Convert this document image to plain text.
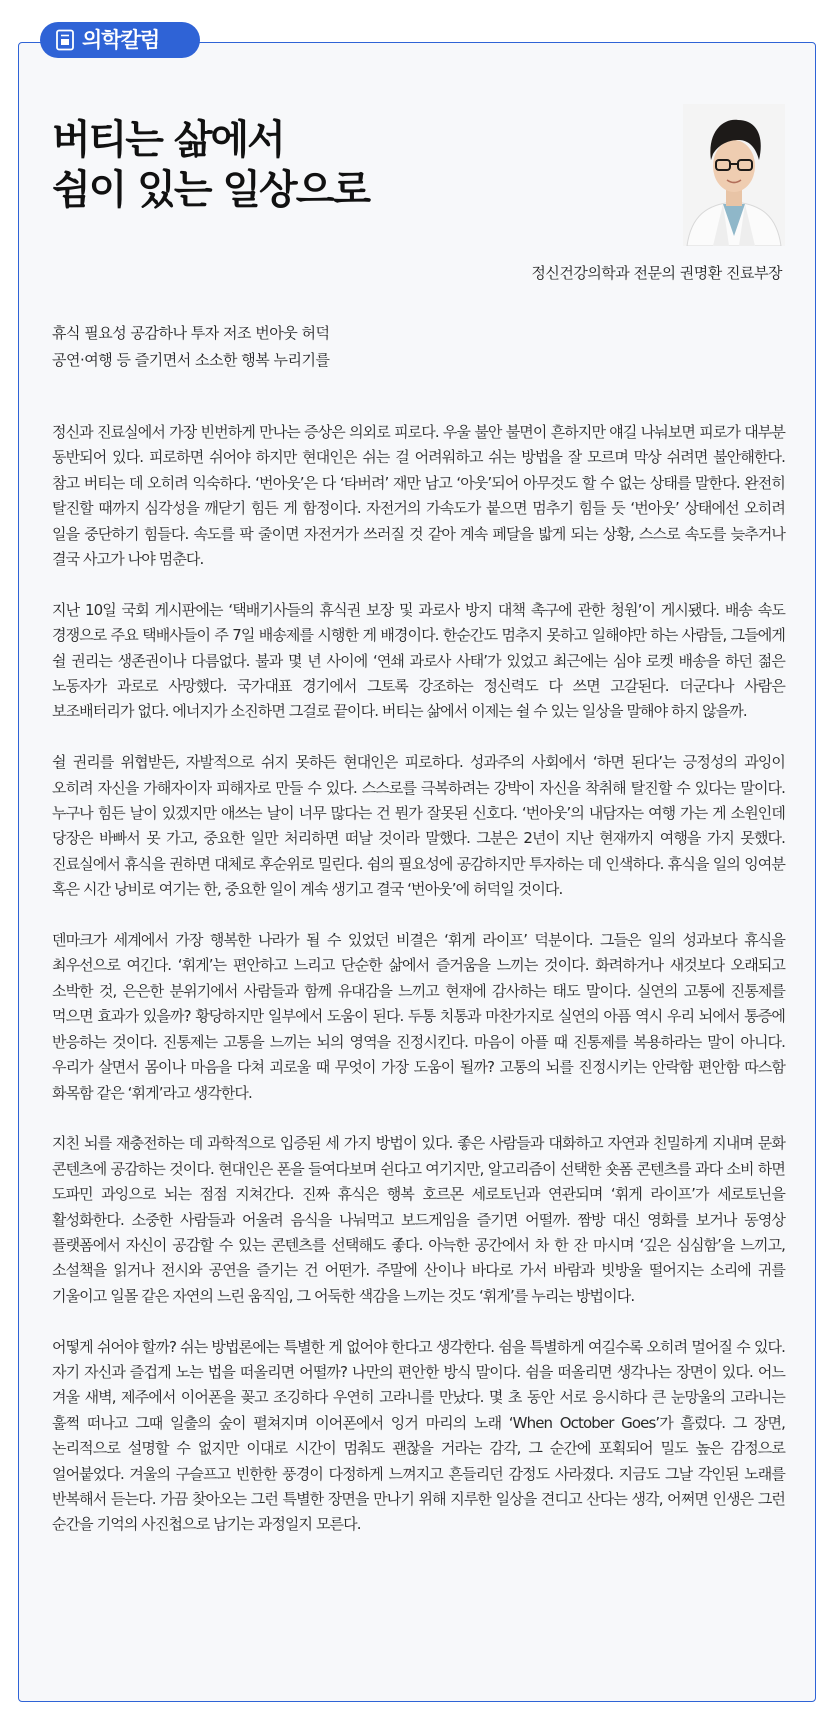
의학칼럼
버티는 삶에서
쉼이 있는 일상으로
정신건강의학과 전문의 권명환 진료부장
휴식 필요성 공감하나 투자 저조 번아웃 허덕
공연·여행 등 즐기면서 소소한 행복 누리기를

정신과 진료실에서 가장 빈번하게 만나는 증상은 의외로 피로다. 우울 불안 불면이 흔하지만 얘길 나눠보면 피로가 대부분 동반되어 있다. 피로하면 쉬어야 하지만 현대인은 쉬는 걸 어려워하고 쉬는 방법을 잘 모르며 막상 쉬려면 불안해한다. 참고 버티는 데 오히려 익숙하다. ‘번아웃’은 다 ‘타버려’ 재만 남고 ‘아웃’되어 아무것도 할 수 없는 상태를 말한다. 완전히 탈진할 때까지 심각성을 깨닫기 힘든 게 함정이다. 자전거의 가속도가 붙으면 멈추기 힘들 듯 ‘번아웃’ 상태에선 오히려 일을 중단하기 힘들다. 속도를 팍 줄이면 자전거가 쓰러질 것 같아 계속 페달을 밟게 되는 상황, 스스로 속도를 늦추거나 결국 사고가 나야 멈춘다.

지난 10일 국회 게시판에는 ‘택배기사들의 휴식권 보장 및 과로사 방지 대책 촉구에 관한 청원’이 게시됐다. 배송 속도 경쟁으로 주요 택배사들이 주 7일 배송제를 시행한 게 배경이다. 한순간도 멈추지 못하고 일해야만 하는 사람들, 그들에게 쉴 권리는 생존권이나 다름없다. 불과 몇 년 사이에 ‘연쇄 과로사 사태’가 있었고 최근에는 심야 로켓 배송을 하던 젊은 노동자가 과로로 사망했다. 국가대표 경기에서 그토록 강조하는 정신력도 다 쓰면 고갈된다. 더군다나 사람은 보조배터리가 없다. 에너지가 소진하면 그걸로 끝이다. 버티는 삶에서 이제는 쉴 수 있는 일상을 말해야 하지 않을까.

쉴 권리를 위협받든, 자발적으로 쉬지 못하든 현대인은 피로하다. 성과주의 사회에서 ‘하면 된다’는 긍정성의 과잉이 오히려 자신을 가해자이자 피해자로 만들 수 있다. 스스로를 극복하려는 강박이 자신을 착취해 탈진할 수 있다는 말이다. 누구나 힘든 날이 있겠지만 애쓰는 날이 너무 많다는 건 뭔가 잘못된 신호다. ‘번아웃’의 내담자는 여행 가는 게 소원인데 당장은 바빠서 못 가고, 중요한 일만 처리하면 떠날 것이라 말했다. 그분은 2년이 지난 현재까지 여행을 가지 못했다. 진료실에서 휴식을 권하면 대체로 후순위로 밀린다. 쉼의 필요성에 공감하지만 투자하는 데 인색하다. 휴식을 일의 잉여분 혹은 시간 낭비로 여기는 한, 중요한 일이 계속 생기고 결국 ‘번아웃’에 허덕일 것이다.

덴마크가 세계에서 가장 행복한 나라가 될 수 있었던 비결은 ‘휘게 라이프’ 덕분이다. 그들은 일의 성과보다 휴식을 최우선으로 여긴다. ‘휘게’는 편안하고 느리고 단순한 삶에서 즐거움을 느끼는 것이다. 화려하거나 새것보다 오래되고 소박한 것, 은은한 분위기에서 사람들과 함께 유대감을 느끼고 현재에 감사하는 태도 말이다. 실연의 고통에 진통제를 먹으면 효과가 있을까? 황당하지만 일부에서 도움이 된다. 두통 치통과 마찬가지로 실연의 아픔 역시 우리 뇌에서 통증에 반응하는 것이다. 진통제는 고통을 느끼는 뇌의 영역을 진정시킨다. 마음이 아플 때 진통제를 복용하라는 말이 아니다. 우리가 살면서 몸이나 마음을 다쳐 괴로울 때 무엇이 가장 도움이 될까? 고통의 뇌를 진정시키는 안락함 편안함 따스함 화목함 같은 ‘휘게’라고 생각한다.

지친 뇌를 재충전하는 데 과학적으로 입증된 세 가지 방법이 있다. 좋은 사람들과 대화하고 자연과 친밀하게 지내며 문화 콘텐츠에 공감하는 것이다. 현대인은 폰을 들여다보며 쉰다고 여기지만, 알고리즘이 선택한 숏폼 콘텐츠를 과다 소비 하면 도파민 과잉으로 뇌는 점점 지쳐간다. 진짜 휴식은 행복 호르몬 세로토닌과 연관되며 ‘휘게 라이프’가 세로토닌을 활성화한다. 소중한 사람들과 어울려 음식을 나눠먹고 보드게임을 즐기면 어떨까. 짬방 대신 영화를 보거나 동영상 플랫폼에서 자신이 공감할 수 있는 콘텐츠를 선택해도 좋다. 아늑한 공간에서 차 한 잔 마시며 ‘깊은 심심함’을 느끼고, 소설책을 읽거나 전시와 공연을 즐기는 건 어떤가. 주말에 산이나 바다로 가서 바람과 빗방울 떨어지는 소리에 귀를 기울이고 일몰 같은 자연의 느린 움직임, 그 어둑한 색감을 느끼는 것도 ‘휘게’를 누리는 방법이다.

어떻게 쉬어야 할까? 쉬는 방법론에는 특별한 게 없어야 한다고 생각한다. 쉼을 특별하게 여길수록 오히려 멀어질 수 있다. 자기 자신과 즐겁게 노는 법을 떠올리면 어떨까? 나만의 편안한 방식 말이다. 쉼을 떠올리면 생각나는 장면이 있다. 어느 겨울 새벽, 제주에서 이어폰을 꽂고 조깅하다 우연히 고라니를 만났다. 몇 초 동안 서로 응시하다 큰 눈망울의 고라니는 훌쩍 떠나고 그때 일출의 숲이 펼쳐지며 이어폰에서 잉거 마리의 노래 ‘When October Goes’가 흘렀다. 그 장면, 논리적으로 설명할 수 없지만 이대로 시간이 멈춰도 괜찮을 거라는 감각, 그 순간에 포획되어 밀도 높은 감정으로 얼어붙었다. 겨울의 구슬프고 빈한한 풍경이 다정하게 느껴지고 흔들리던 감정도 사라졌다. 지금도 그날 각인된 노래를 반복해서 듣는다. 가끔 찾아오는 그런 특별한 장면을 만나기 위해 지루한 일상을 견디고 산다는 생각, 어쩌면 인생은 그런 순간을 기억의 사진첩으로 남기는 과정일지 모른다.
